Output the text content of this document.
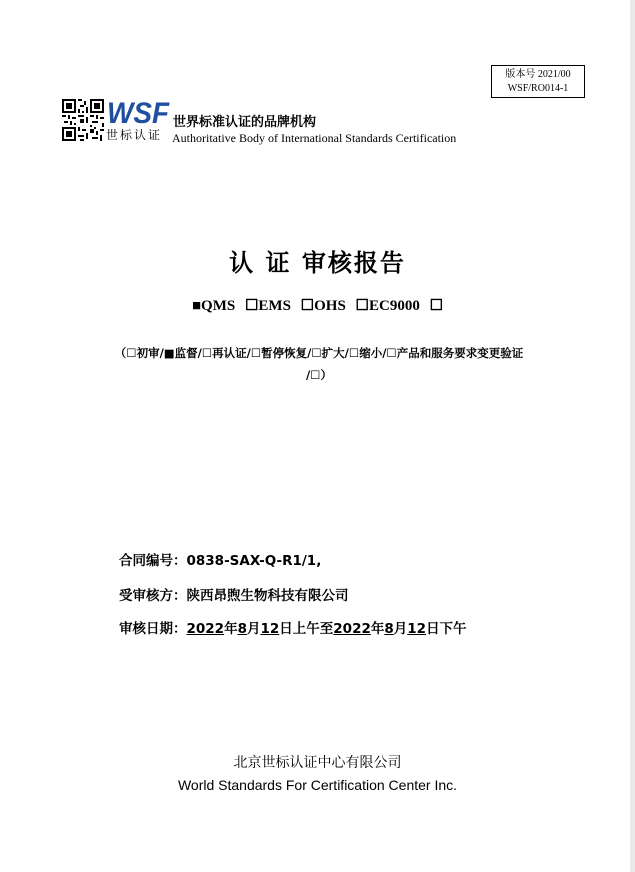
版本号 2021/00
WSF/RO014-1
WSF
世标认证
世界标准认证的品牌机构
Authoritative Body of International Standards Certification
认 证 审核报告
■QMS ☐EMS ☐OHS ☐EC9000 ☐
（☐初审/■监督/☐再认证/☐暂停恢复/☐扩大/☐缩小/☐产品和服务要求变更验证
/☐）
合同编号：0838-SAX-Q-R1/1,
受审核方：陕西昂煦生物科技有限公司
审核日期：2022年8月12日上午至2022年8月12日下午
北京世标认证中心有限公司
World Standards For Certification Center Inc.
